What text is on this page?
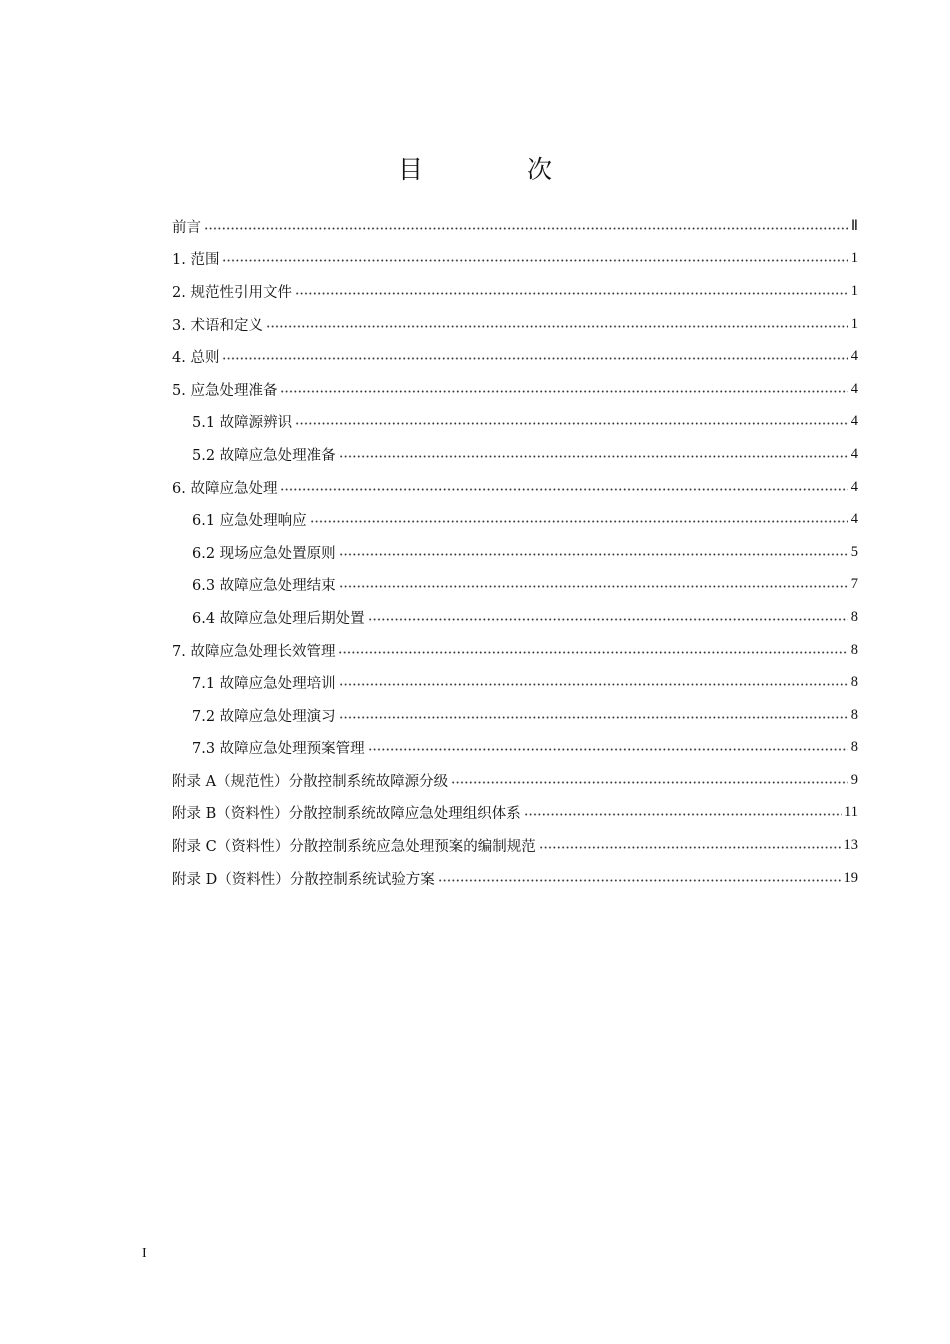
目 次
前言	Ⅱ
1. 范围	1
2. 规范性引用文件	1
3. 术语和定义	1
4. 总则	4
5. 应急处理准备	4
5.1 故障源辨识	4
5.2 故障应急处理准备	4
6. 故障应急处理	4
6.1 应急处理响应	4
6.2 现场应急处置原则	5
6.3 故障应急处理结束	7
6.4 故障应急处理后期处置	8
7. 故障应急处理长效管理	8
7.1 故障应急处理培训	8
7.2 故障应急处理演习	8
7.3 故障应急处理预案管理	8
附录 A（规范性）分散控制系统故障源分级	9
附录 B（资料性）分散控制系统故障应急处理组织体系	11
附录 C（资料性）分散控制系统应急处理预案的编制规范	13
附录 D（资料性）分散控制系统试验方案	19
I
